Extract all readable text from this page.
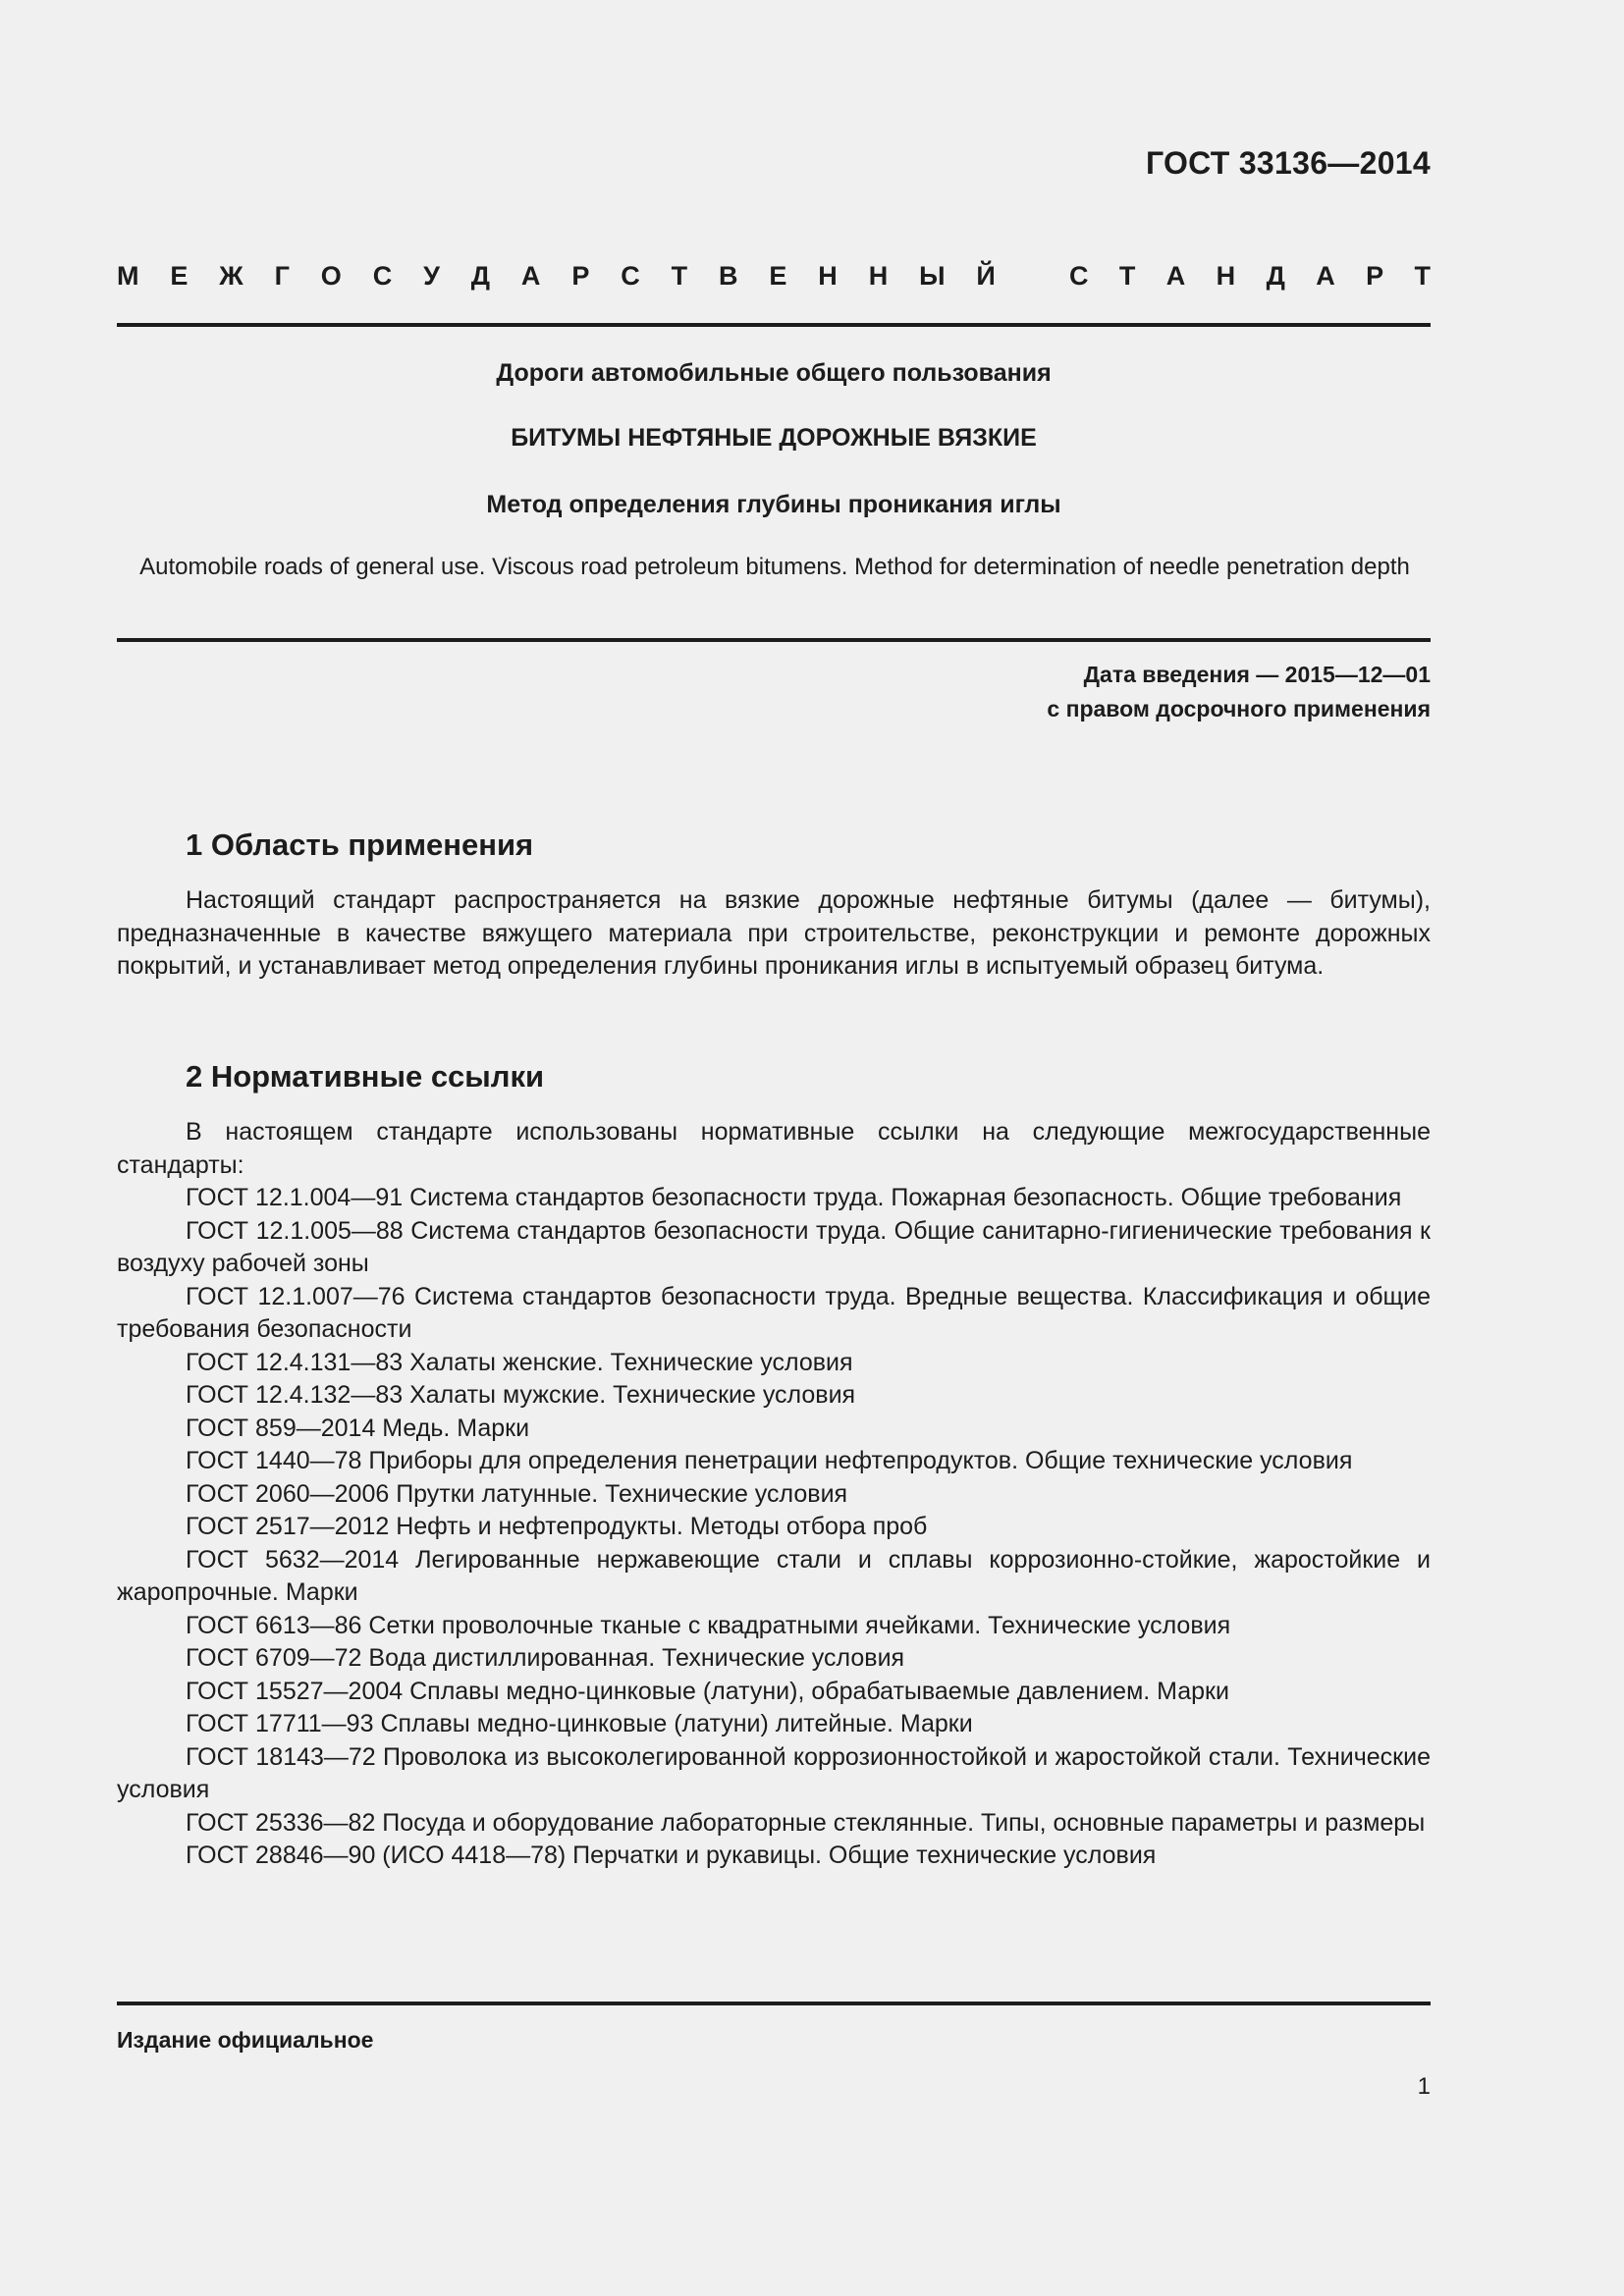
ГОСТ 33136—2014
М Е Ж Г О С У Д А Р С Т В Е Н Н Ы Й	С Т А Н Д А Р Т
Дороги автомобильные общего пользования
БИТУМЫ НЕФТЯНЫЕ ДОРОЖНЫЕ ВЯЗКИЕ
Метод определения глубины проникания иглы
Automobile roads of general use. Viscous road petroleum bitumens. Method for determination of needle penetration depth
Дата введения — 2015—12—01
с правом досрочного применения
1 Область применения

Настоящий стандарт распространяется на вязкие дорожные нефтяные битумы (далее — битумы), предназначенные в качестве вяжущего материала при строительстве, реконструкции и ремонте дорожных покрытий, и устанавливает метод определения глубины проникания иглы в испытуемый образец битума.

2 Нормативные ссылки

В настоящем стандарте использованы нормативные ссылки на следующие межгосударственные стандарты:

ГОСТ 12.1.004—91 Система стандартов безопасности труда. Пожарная безопасность. Общие требования

ГОСТ 12.1.005—88 Система стандартов безопасности труда. Общие санитарно-гигиенические требования к воздуху рабочей зоны

ГОСТ 12.1.007—76 Система стандартов безопасности труда. Вредные вещества. Классификация и общие требования безопасности

ГОСТ 12.4.131—83 Халаты женские. Технические условия

ГОСТ 12.4.132—83 Халаты мужские. Технические условия

ГОСТ 859—2014 Медь. Марки

ГОСТ 1440—78 Приборы для определения пенетрации нефтепродуктов. Общие технические условия

ГОСТ 2060—2006 Прутки латунные. Технические условия

ГОСТ 2517—2012 Нефть и нефтепродукты. Методы отбора проб

ГОСТ 5632—2014 Легированные нержавеющие стали и сплавы коррозионно-стойкие, жаростойкие и жаропрочные. Марки

ГОСТ 6613—86 Сетки проволочные тканые с квадратными ячейками. Технические условия

ГОСТ 6709—72 Вода дистиллированная. Технические условия

ГОСТ 15527—2004 Сплавы медно-цинковые (латуни), обрабатываемые давлением. Марки

ГОСТ 17711—93 Сплавы медно-цинковые (латуни) литейные. Марки

ГОСТ 18143—72 Проволока из высоколегированной коррозионностойкой и жаростойкой стали. Технические условия

ГОСТ 25336—82 Посуда и оборудование лабораторные стеклянные. Типы, основные параметры и размеры

ГОСТ 28846—90 (ИСО 4418—78) Перчатки и рукавицы. Общие технические условия

Издание официальное
1
